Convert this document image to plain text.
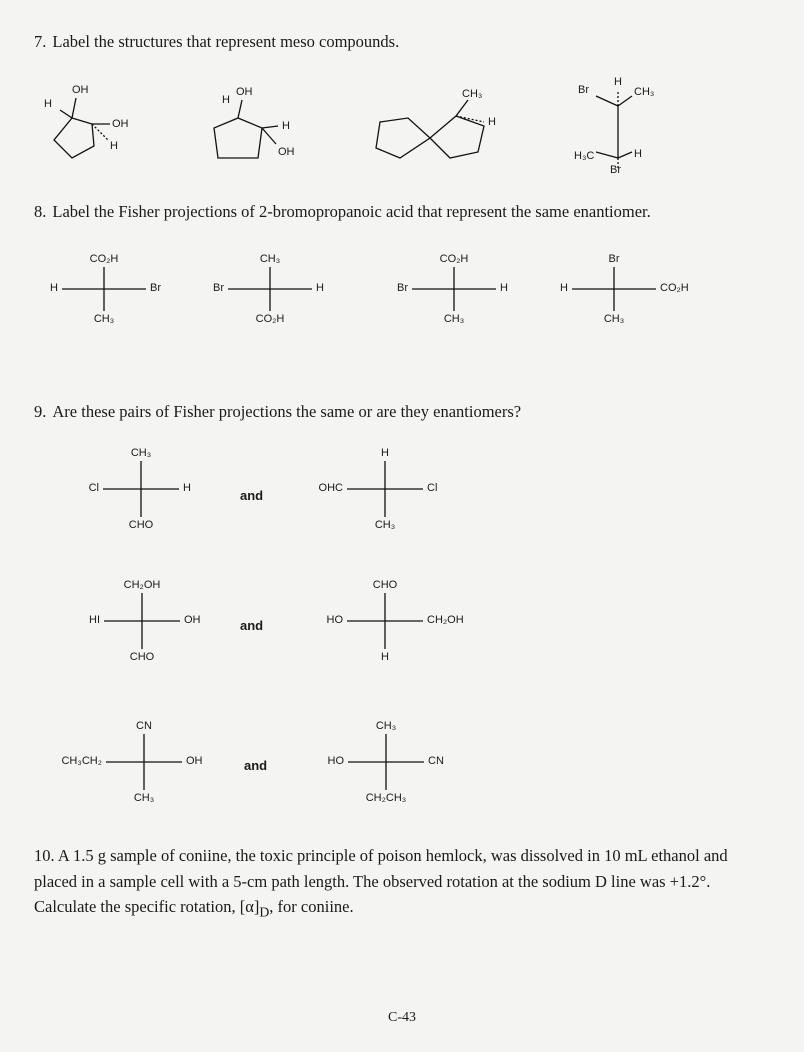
7. Label the structures that represent meso compounds.
OH
H
OH
H
H
OH
H
OH
CH₃
H
Br
H
CH₃
H₃C	H
Br
8. Label the Fisher projections of 2-bromopropanoic acid that represent the same enantiomer.
CO₂H
CH₃
H	Br
CH₃
CO₂H
Br	H
CO₂H
CH₃
Br	H
Br
CH₃
H	CO₂H
9. Are these pairs of Fisher projections the same or are they enantiomers?
CH₃
CHO
Cl	H
H
CH₃
OHC	Cl
CH₂OH
CHO
HI	OH
CHO
H
HO	CH₂OH
CN
CH₃
CH₃CH₂	OH
CH₃
CH₂CH₃
HO	CN
and
and
and
10. A 1.5 g sample of coniine, the toxic principle of poison hemlock, was dissolved in 10 mL ethanol and placed in a sample cell with a 5-cm path length. The observed rotation at the sodium D line was +1.2°. Calculate the specific rotation, $[\alpha]_D$, for coniine.
C-43
